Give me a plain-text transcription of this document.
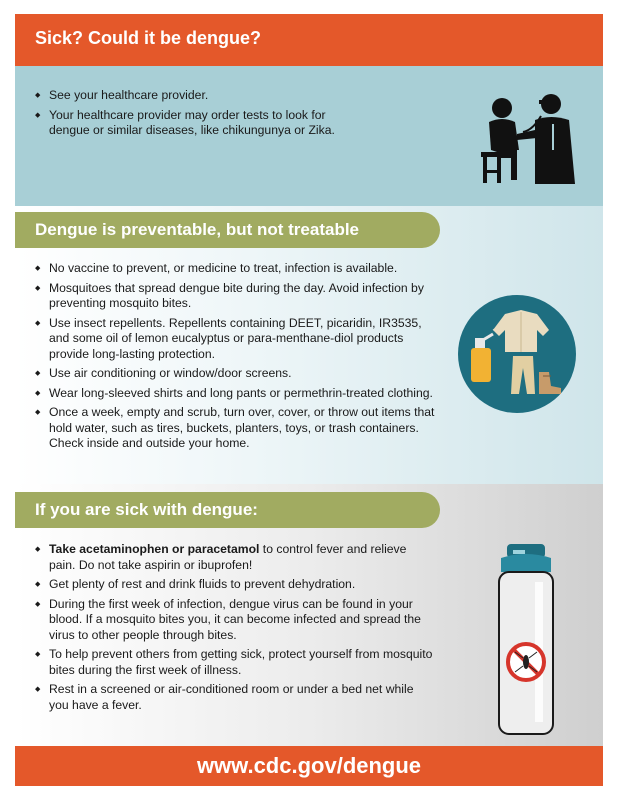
Sick? Could it be dengue?
◆ See your healthcare provider.
◆ Your healthcare provider may order tests to look for dengue or similar diseases, like chikungunya or Zika.
Dengue is preventable, but not treatable
◆ No vaccine to prevent, or medicine to treat, infection is available.
◆ Mosquitoes that spread dengue bite during the day. Avoid infection by preventing mosquito bites.
◆ Use insect repellents. Repellents containing DEET, picaridin, IR3535, and some oil of lemon eucalyptus or para-menthane-diol products provide long-lasting protection.
◆ Use air conditioning or window/door screens.
◆ Wear long-sleeved shirts and long pants or permethrin-treated clothing.
◆ Once a week, empty and scrub, turn over, cover, or throw out items that hold water, such as tires, buckets, planters, toys, or trash containers. Check inside and outside your home.
If you are sick with dengue:
◆ Take acetaminophen or paracetamol to control fever and relieve pain. Do not take aspirin or ibuprofen!
◆ Get plenty of rest and drink fluids to prevent dehydration.
◆ During the first week of infection, dengue virus can be found in your blood. If a mosquito bites you, it can become infected and spread the virus to other people through bites.
◆ To help prevent others from getting sick, protect yourself from mosquito bites during the first week of illness.
◆ Rest in a screened or air-conditioned room or under a bed net while you have a fever.
www.cdc.gov/dengue
